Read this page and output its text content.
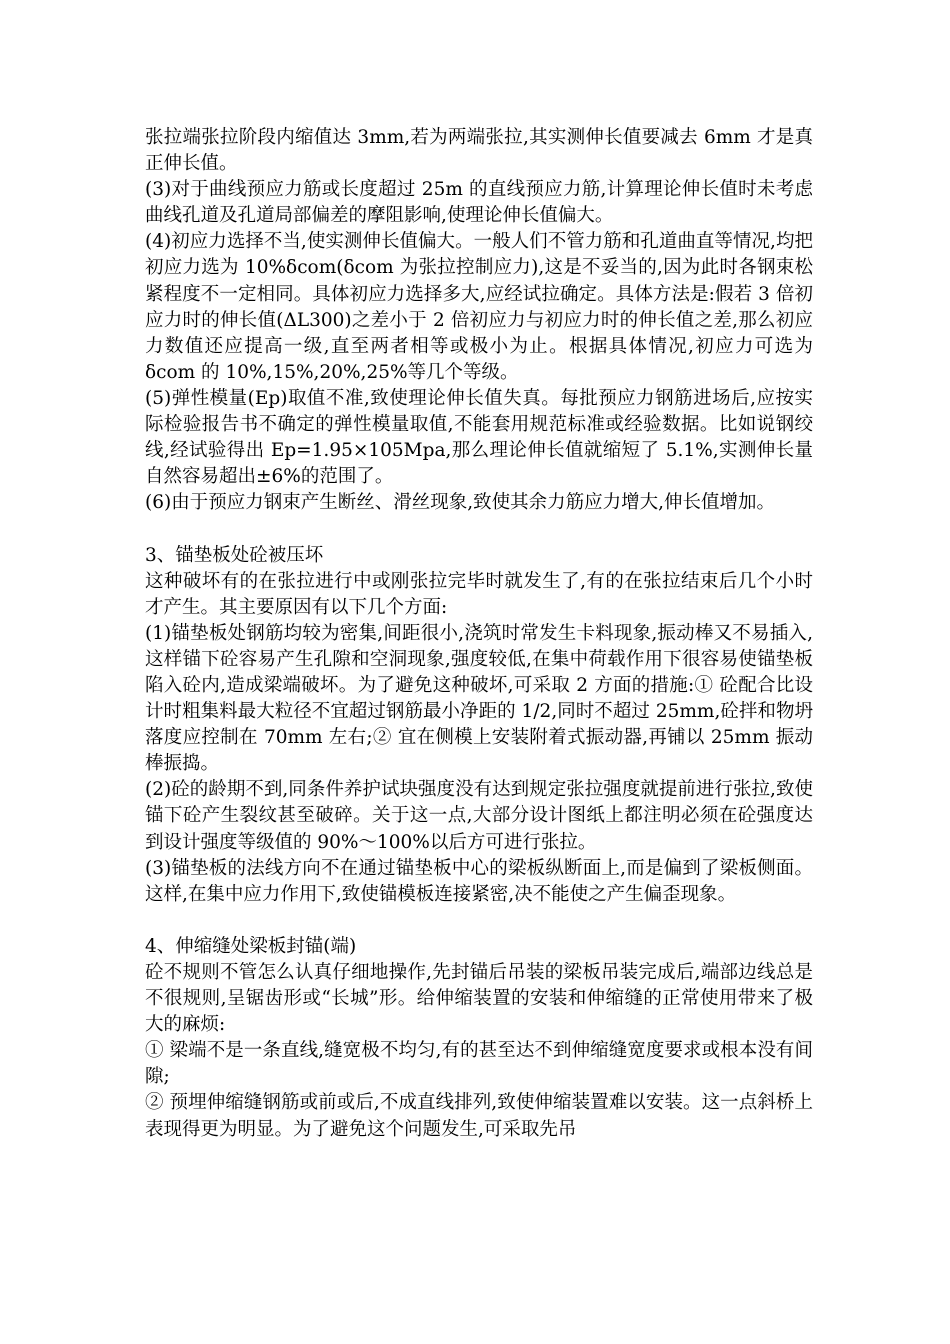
张拉端张拉阶段内缩值达 3mm,若为两端张拉,其实测伸长值要减去 6mm 才是真正伸长值。

(3)对于曲线预应力筋或长度超过 25m 的直线预应力筋,计算理论伸长值时未考虑曲线孔道及孔道局部偏差的摩阻影响,使理论伸长值偏大。

(4)初应力选择不当,使实测伸长值偏大。一般人们不管力筋和孔道曲直等情况,均把初应力选为 10%δcom(δcom 为张拉控制应力),这是不妥当的,因为此时各钢束松紧程度不一定相同。具体初应力选择多大,应经试拉确定。具体方法是:假若 3 倍初应力时的伸长值(ΔL300)之差小于 2 倍初应力与初应力时的伸长值之差,那么初应力数值还应提高一级,直至两者相等或极小为止。根据具体情况,初应力可选为 δcom 的 10%,15%,20%,25%等几个等级。

(5)弹性模量(Ep)取值不准,致使理论伸长值失真。每批预应力钢筋进场后,应按实际检验报告书不确定的弹性模量取值,不能套用规范标准或经验数据。比如说钢绞线,经试验得出 Ep=1.95×105Mpa,那么理论伸长值就缩短了 5.1%,实测伸长量自然容易超出±6%的范围了。

(6)由于预应力钢束产生断丝、滑丝现象,致使其余力筋应力增大,伸长值增加。

3、锚垫板处砼被压坏

这种破坏有的在张拉进行中或刚张拉完毕时就发生了,有的在张拉结束后几个小时才产生。其主要原因有以下几个方面:

(1)锚垫板处钢筋均较为密集,间距很小,浇筑时常发生卡料现象,振动棒又不易插入,这样锚下砼容易产生孔隙和空洞现象,强度较低,在集中荷载作用下很容易使锚垫板陷入砼内,造成梁端破坏。为了避免这种破坏,可采取 2 方面的措施:① 砼配合比设计时粗集料最大粒径不宜超过钢筋最小净距的 1/2,同时不超过 25mm,砼拌和物坍落度应控制在 70mm 左右;② 宜在侧模上安装附着式振动器,再铺以 25mm 振动棒振捣。

(2)砼的龄期不到,同条件养护试块强度没有达到规定张拉强度就提前进行张拉,致使锚下砼产生裂纹甚至破碎。关于这一点,大部分设计图纸上都注明必须在砼强度达到设计强度等级值的 90%～100%以后方可进行张拉。

(3)锚垫板的法线方向不在通过锚垫板中心的梁板纵断面上,而是偏到了梁板侧面。这样,在集中应力作用下,致使锚模板连接紧密,决不能使之产生偏歪现象。

4、伸缩缝处梁板封锚(端)

砼不规则不管怎么认真仔细地操作,先封锚后吊装的梁板吊装完成后,端部边线总是不很规则,呈锯齿形或“长城”形。给伸缩装置的安装和伸缩缝的正常使用带来了极大的麻烦:

① 梁端不是一条直线,缝宽极不均匀,有的甚至达不到伸缩缝宽度要求或根本没有间隙;

② 预埋伸缩缝钢筋或前或后,不成直线排列,致使伸缩装置难以安装。这一点斜桥上表现得更为明显。为了避免这个问题发生,可采取先吊
